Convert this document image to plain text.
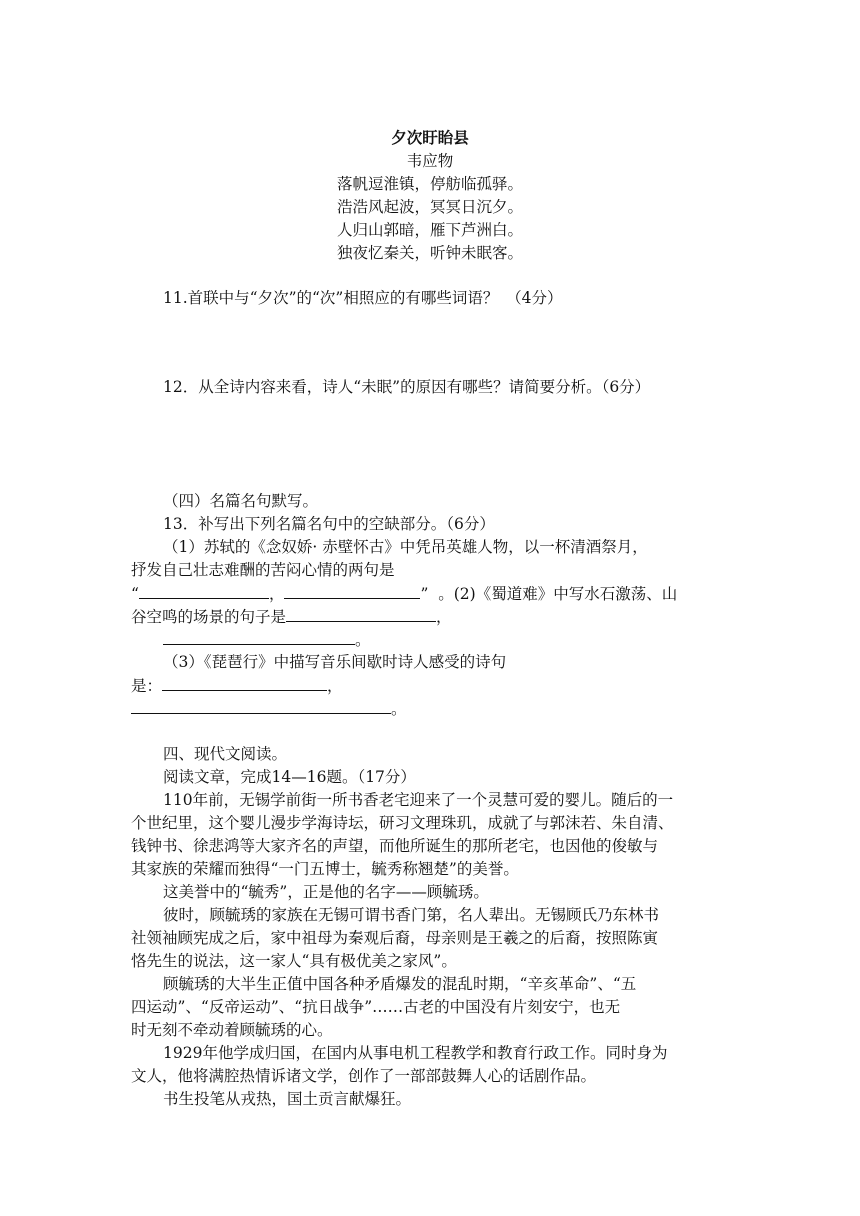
夕次盱眙县
韦应物
落帆逗淮镇，停舫临孤驿。
浩浩风起波，冥冥日沉夕。
人归山郭暗，雁下芦洲白。
独夜忆秦关，听钟未眠客。
11.首联中与“夕次”的“次”相照应的有哪些词语？　（4分）
12．从全诗内容来看，诗人“未眠”的原因有哪些？请简要分析。（6分）
（四）名篇名句默写。
13．补写出下列名篇名句中的空缺部分。（6分）
（1）苏轼的《念奴娇· 赤壁怀古》中凭吊英雄人物，以一杯清酒祭月，
抒发自己壮志难酬的苦闷心情的两句是
“	，	” 。(2)《蜀道难》中写水石激荡、山
谷空鸣的场景的句子是	，
。
（3）《琵琶行》中描写音乐间歇时诗人感受的诗句
是：	，
。
四、现代文阅读。
阅读文章，完成14—16题。（17分）
110年前，无锡学前街一所书香老宅迎来了一个灵慧可爱的婴儿。随后的一
个世纪里，这个婴儿漫步学海诗坛，研习文理珠玑，成就了与郭沫若、朱自清、
钱钟书、徐悲鸿等大家齐名的声望，而他所诞生的那所老宅，也因他的俊敏与
其家族的荣耀而独得“一门五博士，毓秀称翘楚”的美誉。
这美誉中的“毓秀”，正是他的名字——顾毓琇。
彼时，顾毓琇的家族在无锡可谓书香门第，名人辈出。无锡顾氏乃东林书
社领袖顾宪成之后，家中祖母为秦观后裔，母亲则是王羲之的后裔，按照陈寅
恪先生的说法，这一家人“具有极优美之家风”。
顾毓琇的大半生正值中国各种矛盾爆发的混乱时期，“辛亥革命”、“五
四运动”、“反帝运动”、“抗日战争”……古老的中国没有片刻安宁，也无
时无刻不牵动着顾毓琇的心。
1929年他学成归国，在国内从事电机工程教学和教育行政工作。同时身为
文人，他将满腔热情诉诸文学，创作了一部部鼓舞人心的话剧作品。
书生投笔从戎热，国土贡言献爆狂。
